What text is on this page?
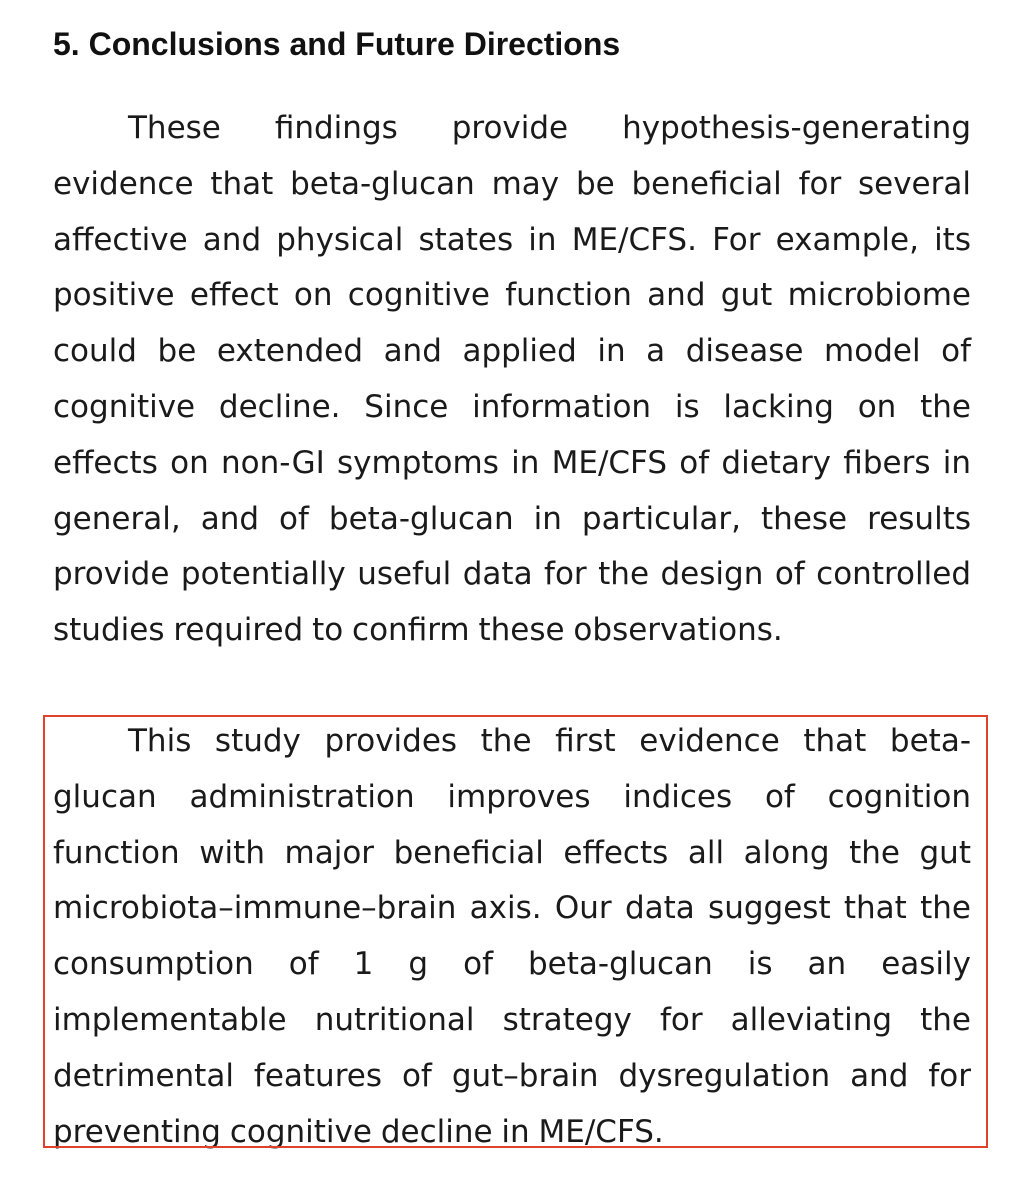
5. Conclusions and Future Directions

These findings provide hypothesis-generating evidence that beta-glucan may be beneficial for several affective and physical states in ME/CFS. For example, its positive effect on cognitive function and gut microbiome could be extended and applied in a disease model of cognitive decline. Since information is lacking on the effects on non-GI symptoms in ME/CFS of dietary fibers in general, and of beta-glucan in particular, these results provide potentially useful data for the design of controlled studies required to confirm these observations.

This study provides the first evidence that beta-glucan administration improves indices of cognition function with major beneficial effects all along the gut microbiota–immune–brain axis. Our data suggest that the consumption of 1 g of beta-glucan is an easily implementable nutritional strategy for alleviating the detrimental features of gut–brain dysregulation and for preventing cognitive decline in ME/CFS.
